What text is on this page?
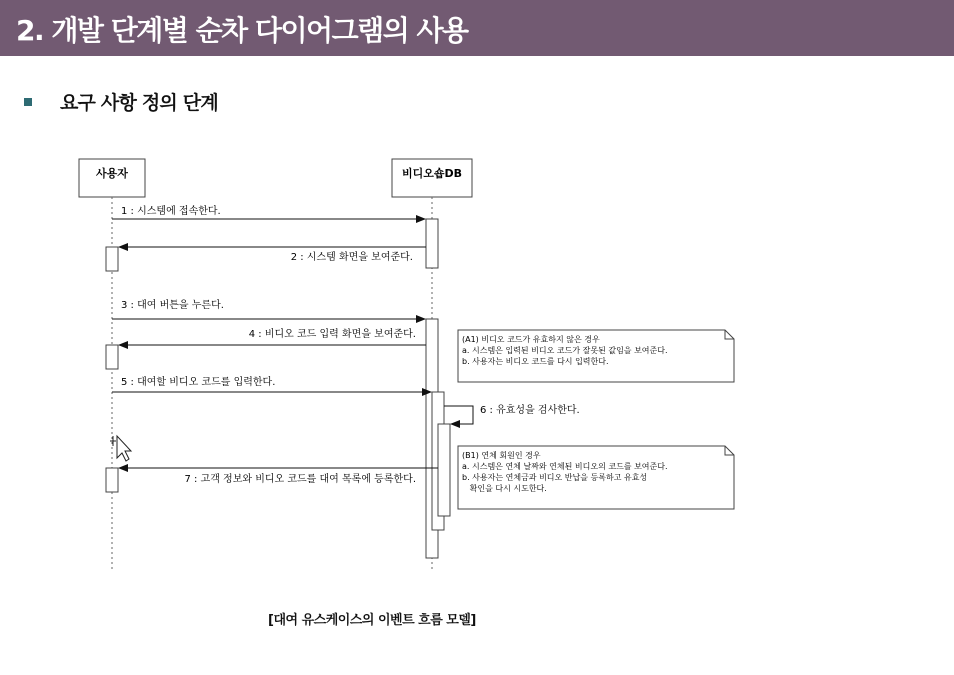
2. 개발 단계별 순차 다이어그램의 사용
요구 사항 정의 단계
사용자	비디오숍DB
1 : 시스템에 접속한다.
2 : 시스템 화면을 보여준다.
3 : 대여 버튼을 누른다.
4 : 비디오 코드 입력 화면을 보여준다.
5 : 대여할 비디오 코드를 입력한다.
6 : 유효성을 검사한다.
7 : 고객 정보와 비디오 코드를 대여 목록에 등록한다.
(A1) 비디오 코드가 유효하지 않은 경우
a. 시스템은 입력된 비디오 코드가 잘못된 값임을 보여준다.
b. 사용자는 비디오 코드를 다시 입력한다.
(B1) 연체 회원인 경우
a. 시스템은 연체 날짜와 연체된 비디오의 코드를 보여준다.
b. 사용자는 연체금과 비디오 반납을 등록하고 유효성
확인을 다시 시도한다.
[대여 유스케이스의 이벤트 흐름 모델]
